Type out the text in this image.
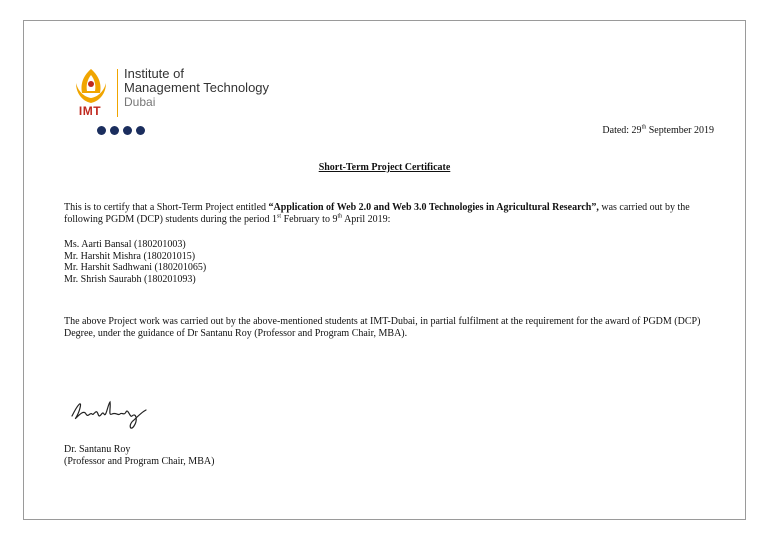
IMT
Institute of
Management Technology
Dubai
Dated: 29th September 2019
Short-Term Project Certificate
This is to certify that a Short-Term Project entitled “Application of Web 2.0 and Web 3.0 Technologies in Agricultural Research”, was carried out by the following PGDM (DCP) students during the period 1st February to 9th April 2019:
Ms. Aarti Bansal (180201003)
Mr. Harshit Mishra (180201015)
Mr. Harshit Sadhwani (180201065)
Mr. Shrish Saurabh (180201093)
The above Project work was carried out by the above-mentioned students at IMT-Dubai, in partial fulfilment at the requirement for the award of PGDM (DCP) Degree, under the guidance of Dr Santanu Roy (Professor and Program Chair, MBA).
Dr. Santanu Roy
(Professor and Program Chair, MBA)
